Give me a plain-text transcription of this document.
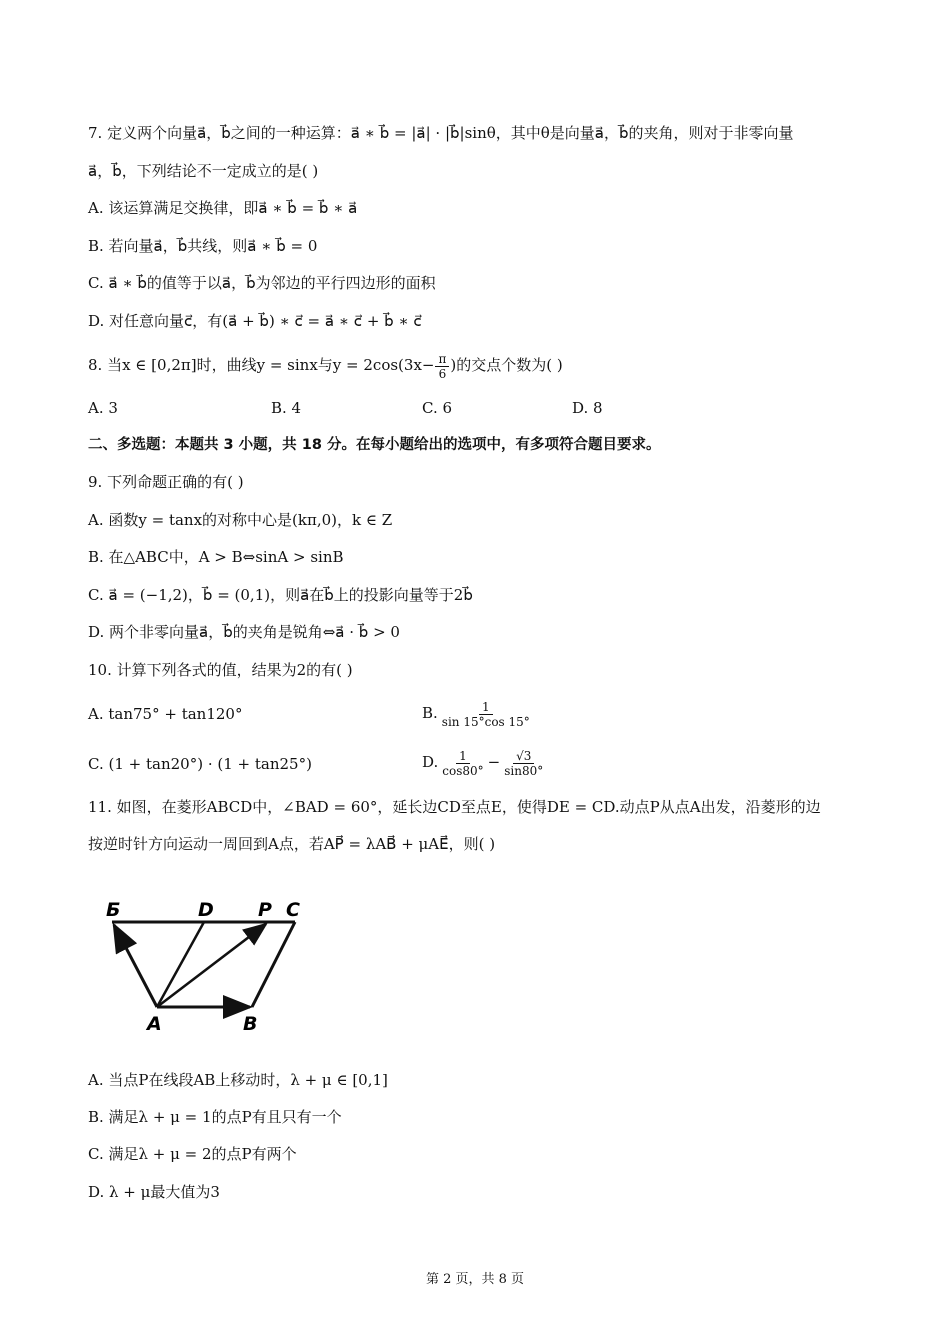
7. 定义两个向量a⃗，b⃗之间的一种运算：a⃗ ∗ b⃗ = |a⃗| · |b⃗|sinθ，其中θ是向量a⃗，b⃗的夹角，则对于非零向量
a⃗，b⃗，下列结论不一定成立的是( )
A. 该运算满足交换律，即a⃗ ∗ b⃗ = b⃗ ∗ a⃗
B. 若向量a⃗，b⃗共线，则a⃗ ∗ b⃗ = 0
C. a⃗ ∗ b⃗的值等于以a⃗，b⃗为邻边的平行四边形的面积
D. 对任意向量c⃗，有(a⃗ + b⃗) ∗ c⃗ = a⃗ ∗ c⃗ + b⃗ ∗ c⃗
8. 当x ∈ [0,2π]时，曲线y = sinx与$y = 2\cos(3x- \frac{\pi}{6}$ )的交点个数为( )
A. 3	B. 4	C. 6	D. 8
二、多选题：本题共 3 小题，共 18 分。在每小题给出的选项中，有多项符合题目要求。
9. 下列命题正确的有( )
A. 函数y = tanx的对称中心是(kπ,0)，k ∈ Z
B. 在△ABC中，A > B⇔sinA > sinB
C. a⃗ = (−1,2)，b⃗ = (0,1)，则a⃗在b⃗上的投影向量等于2b⃗
D. 两个非零向量a⃗，b⃗的夹角是锐角⇔a⃗ · b⃗ > 0
10. 计算下列各式的值，结果为2的有( )
A. tan75° + tan120°	B. $\frac{1}{\sin 15^\circ\cos 15^\circ}$
C. (1 + tan20°) · (1 + tan25°)	D. $\frac{1}{\cos 80^\circ} - \frac{√3}{\sin 80^\circ}$
11. 如图，在菱形ABCD中，∠BAD = 60°，延长边CD至点E，使得DE = CD.动点P从点A出发，沿菱形的边
按逆时针方向运动一周回到A点，若AP⃗ = λAB⃗ + μAE⃗，则( )
Б	D P C
A	B
A. 当点P在线段AB上移动时，λ + μ ∈ [0,1]
B. 满足λ + μ = 1的点P有且只有一个
C. 满足λ + μ = 2的点P有两个
D. λ + μ最大值为3
第 2 页，共 8 页
